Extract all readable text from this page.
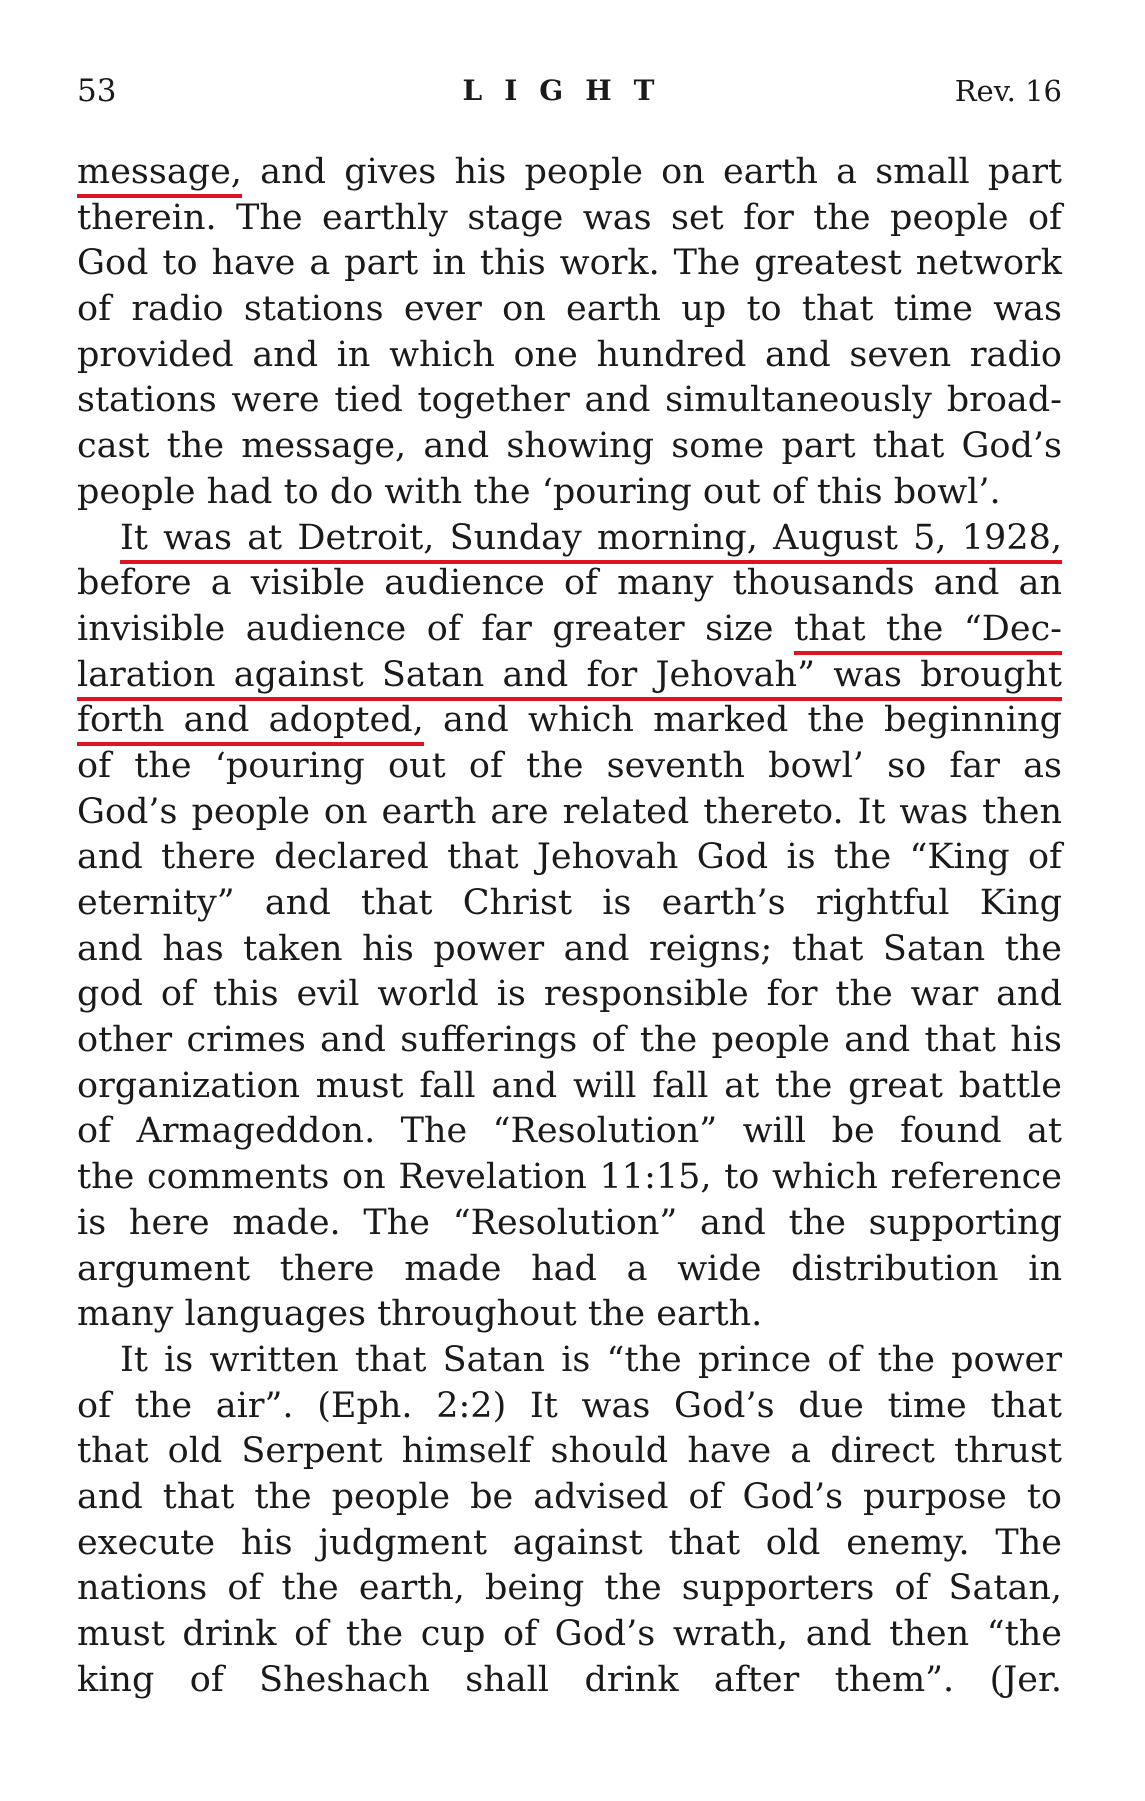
53	LIGHT	Rev. 16
message, and gives his people on earth a small part
therein. The earthly stage was set for the people of
God to have a part in this work. The greatest network
of radio stations ever on earth up to that time was
provided and in which one hundred and seven radio
stations were tied together and simultaneously broad-
cast the message, and showing some part that God’s
people had to do with the ‘pouring out of this bowl’.
It was at Detroit, Sunday morning, August 5, 1928,
before a visible audience of many thousands and an
invisible audience of far greater size that the “Dec-
laration against Satan and for Jehovah” was brought
forth and adopted, and which marked the beginning
of the ‘pouring out of the seventh bowl’ so far as
God’s people on earth are related thereto. It was then
and there declared that Jehovah God is the “King of
eternity” and that Christ is earth’s rightful King
and has taken his power and reigns; that Satan the
god of this evil world is responsible for the war and
other crimes and sufferings of the people and that his
organization must fall and will fall at the great battle
of Armageddon. The “Resolution” will be found at
the comments on Revelation 11:15, to which reference
is here made. The “Resolution” and the supporting
argument there made had a wide distribution in
many languages throughout the earth.
It is written that Satan is “the prince of the power
of the air”. (Eph. 2:2) It was God’s due time that
that old Serpent himself should have a direct thrust
and that the people be advised of God’s purpose to
execute his judgment against that old enemy. The
nations of the earth, being the supporters of Satan,
must drink of the cup of God’s wrath, and then “the
king of Sheshach shall drink after them”. (Jer.
